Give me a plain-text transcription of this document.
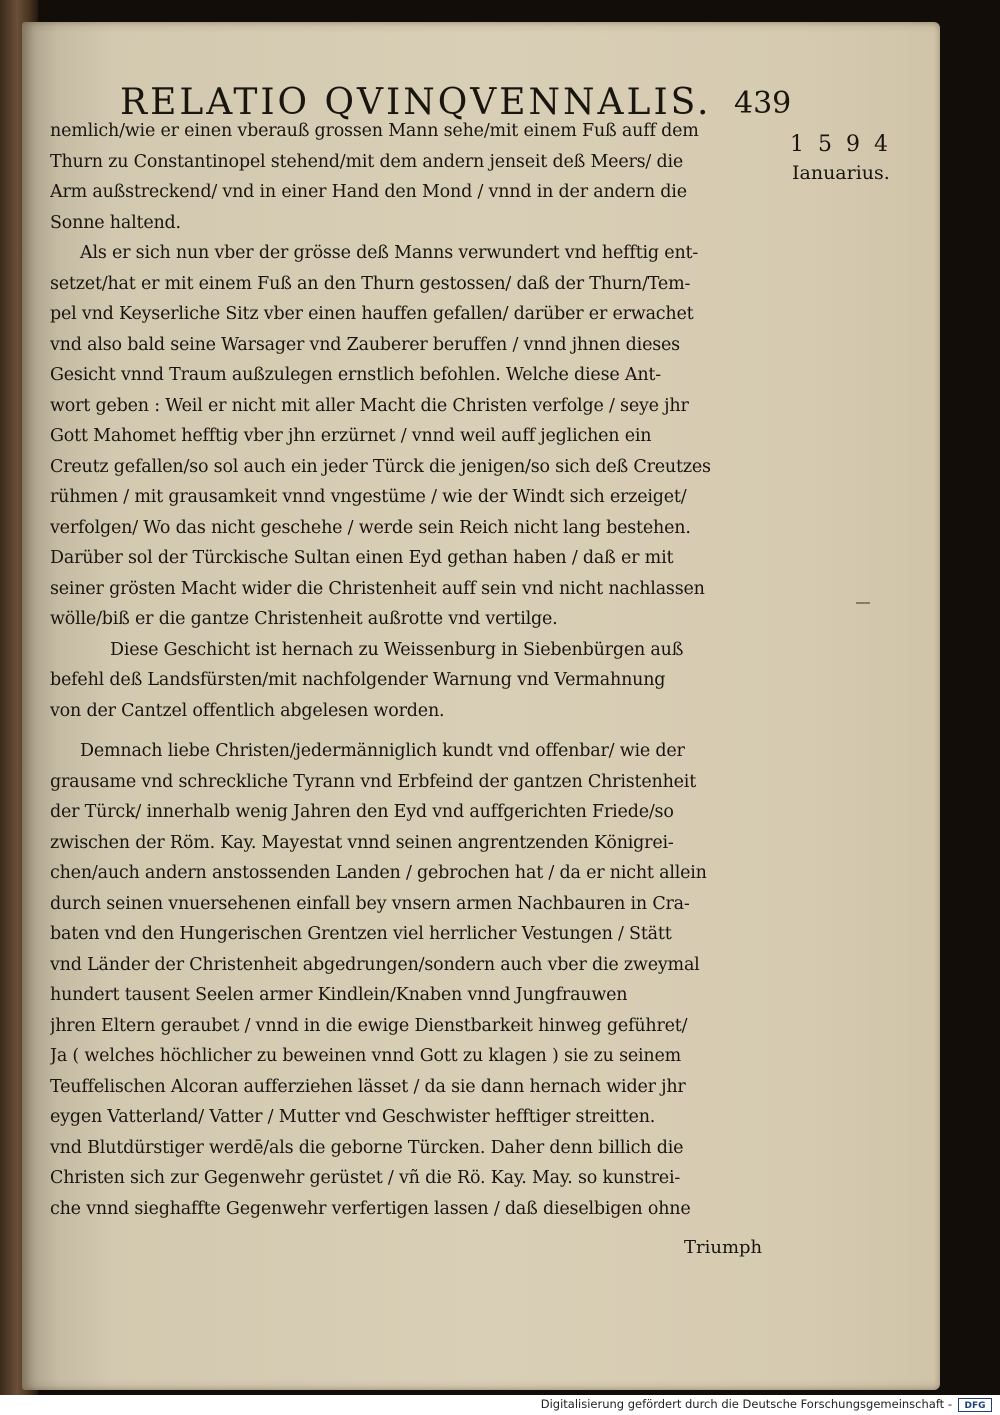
RELATIO QVINQVENNALIS. 439
1594
Ianuarius.
nemlich/wie er einen vberauß grossen Mann sehe/mit einem Fuß auff dem
Thurn zu Constantinopel stehend/mit dem andern jenseit deß Meers/ die
Arm außstreckend/ vnd in einer Hand den Mond / vnnd in der andern die
Sonne haltend.
Als er sich nun vber der grösse deß Manns verwundert vnd hefftig ent-
setzet/hat er mit einem Fuß an den Thurn gestossen/ daß der Thurn/Tem-
pel vnd Keyserliche Sitz vber einen hauffen gefallen/ darüber er erwachet
vnd also bald seine Warsager vnd Zauberer beruffen / vnnd jhnen dieses
Gesicht vnnd Traum außzulegen ernstlich befohlen. Welche diese Ant-
wort geben : Weil er nicht mit aller Macht die Christen verfolge / seye jhr
Gott Mahomet hefftig vber jhn erzürnet / vnnd weil auff jeglichen ein
Creutz gefallen/so sol auch ein jeder Türck die jenigen/so sich deß Creutzes
rühmen / mit grausamkeit vnnd vngestüme / wie der Windt sich erzeiget/
verfolgen/ Wo das nicht geschehe / werde sein Reich nicht lang bestehen.
Darüber sol der Türckische Sultan einen Eyd gethan haben / daß er mit
seiner grösten Macht wider die Christenheit auff sein vnd nicht nachlassen
wölle/biß er die gantze Christenheit außrotte vnd vertilge.
Diese Geschicht ist hernach zu Weissenburg in Siebenbürgen auß
befehl deß Landsfürsten/mit nachfolgender Warnung vnd Vermahnung
von der Cantzel offentlich abgelesen worden.
Demnach liebe Christen/jedermänniglich kundt vnd offenbar/ wie der
grausame vnd schreckliche Tyrann vnd Erbfeind der gantzen Christenheit
der Türck/ innerhalb wenig Jahren den Eyd vnd auffgerichten Friede/so
zwischen der Röm. Kay. Mayestat vnnd seinen angrentzenden Königrei-
chen/auch andern anstossenden Landen / gebrochen hat / da er nicht allein
durch seinen vnuersehenen einfall bey vnsern armen Nachbauren in Cra-
baten vnd den Hungerischen Grentzen viel herrlicher Vestungen / Stätt
vnd Länder der Christenheit abgedrungen/sondern auch vber die zweymal
hundert tausent Seelen armer Kindlein/Knaben vnnd Jungfrauwen
jhren Eltern geraubet / vnnd in die ewige Dienstbarkeit hinweg geführet/
Ja ( welches höchlicher zu beweinen vnnd Gott zu klagen ) sie zu seinem
Teuffelischen Alcoran aufferziehen lässet / da sie dann hernach wider jhr
eygen Vatterland/ Vatter / Mutter vnd Geschwister hefftiger streitten.
vnd Blutdürstiger werdē/als die geborne Türcken. Daher denn billich die
Christen sich zur Gegenwehr gerüstet / vñ die Rö. Kay. May. so kunstrei-
che vnnd sieghaffte Gegenwehr verfertigen lassen / daß dieselbigen ohne
Triumph
Digitalisierung gefördert durch die Deutsche Forschungsgemeinschaft -	DFG
